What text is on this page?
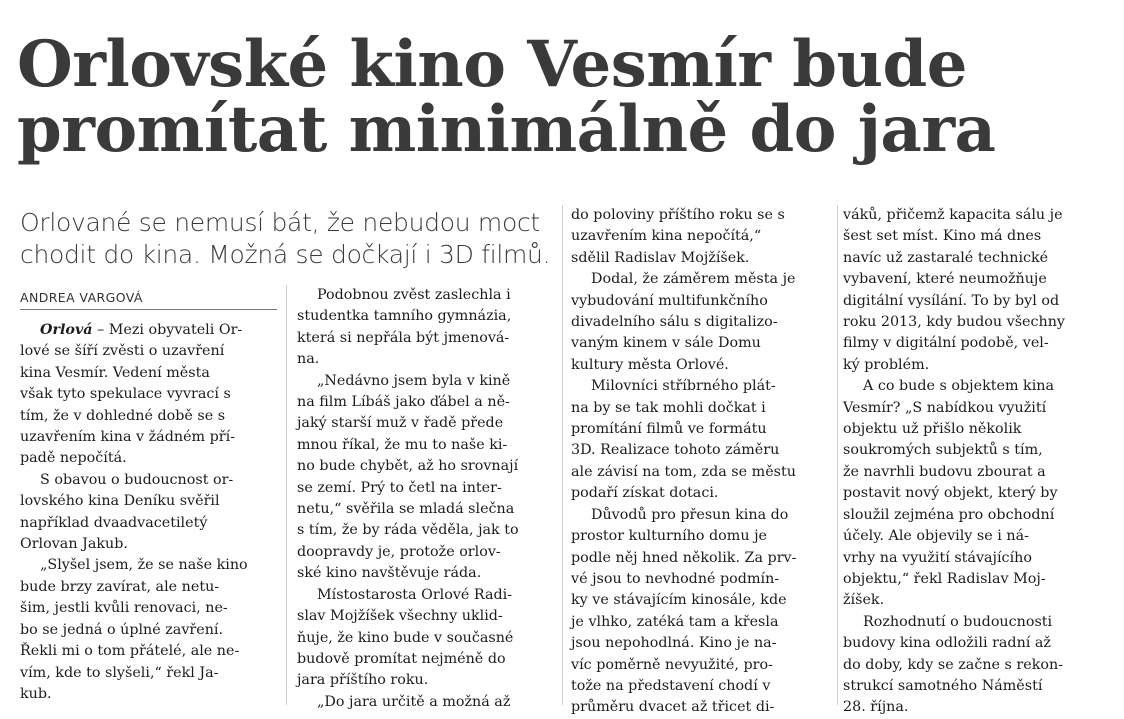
Orlovské kino Vesmír bude
promítat minimálně do jara
Orlované se nemusí bát, že nebudou moct
chodit do kina. Možná se dočkají i 3D filmů.
ANDREA VARGOVÁ
Orlová – Mezi obyvateli Or-
lové se šíří zvěsti o uzavření
kina Vesmír. Vedení města
však tyto spekulace vyvrací s
tím, že v dohledné době se s
uzavřením kina v žádném pří-
padě nepočítá.
S obavou o budoucnost or-
lovského kina Deníku svěřil
například dvaadvacetiletý
Orlovan Jakub.
„Slyšel jsem, že se naše kino
bude brzy zavírat, ale netu-
šim, jestli kvůli renovaci, ne-
bo se jedná o úplné zavření.
Řekli mi o tom přátelé, ale ne-
vím, kde to slyšeli,“ řekl Ja-
kub.
Podobnou zvěst zaslechla i
studentka tamního gymnázia,
která si nepřála být jmenová-
na.
„Nedávno jsem byla v kině
na film Líbáš jako ďábel a ně-
jaký starší muž v řadě přede
mnou říkal, že mu to naše ki-
no bude chybět, až ho srovnají
se zemí. Prý to četl na inter-
netu,“ svěřila se mladá slečna
s tím, že by ráda věděla, jak to
doopravdy je, protože orlov-
ské kino navštěvuje ráda.
Místostarosta Orlové Radi-
slav Mojžíšek všechny uklid-
ňuje, že kino bude v současné
budově promítat nejméně do
jara příštího roku.
„Do jara určitě a možná až
do poloviny příštího roku se s
uzavřením kina nepočítá,“
sdělil Radislav Mojžíšek.
Dodal, že záměrem města je
vybudování multifunkčního
divadelního sálu s digitalizo-
vaným kinem v sále Domu
kultury města Orlové.
Milovníci stříbrného plát-
na by se tak mohli dočkat i
promítání filmů ve formátu
3D. Realizace tohoto záměru
ale závisí na tom, zda se městu
podaří získat dotaci.
Důvodů pro přesun kina do
prostor kulturního domu je
podle něj hned několik. Za prv-
vé jsou to nevhodné podmín-
ky ve stávajícím kinosále, kde
je vlhko, zatéká tam a křesla
jsou nepohodlná. Kino je na-
víc poměrně nevyužité, pro-
tože na představení chodí v
průměru dvacet až třicet di-
váků, přičemž kapacita sálu je
šest set míst. Kino má dnes
navíc už zastaralé technické
vybavení, které neumožňuje
digitální vysílání. To by byl od
roku 2013, kdy budou všechny
filmy v digitální podobě, vel-
ký problém.
A co bude s objektem kina
Vesmír? „S nabídkou využití
objektu už přišlo několik
soukromých subjektů s tím,
že navrhli budovu zbourat a
postavit nový objekt, který by
sloužil zejména pro obchodní
účely. Ale objevily se i ná-
vrhy na využití stávajícího
objektu,“ řekl Radislav Moj-
žíšek.
Rozhodnutí o budoucnosti
budovy kina odložili radní až
do doby, kdy se začne s rekon-
strukcí samotného Náměstí
28. října.
